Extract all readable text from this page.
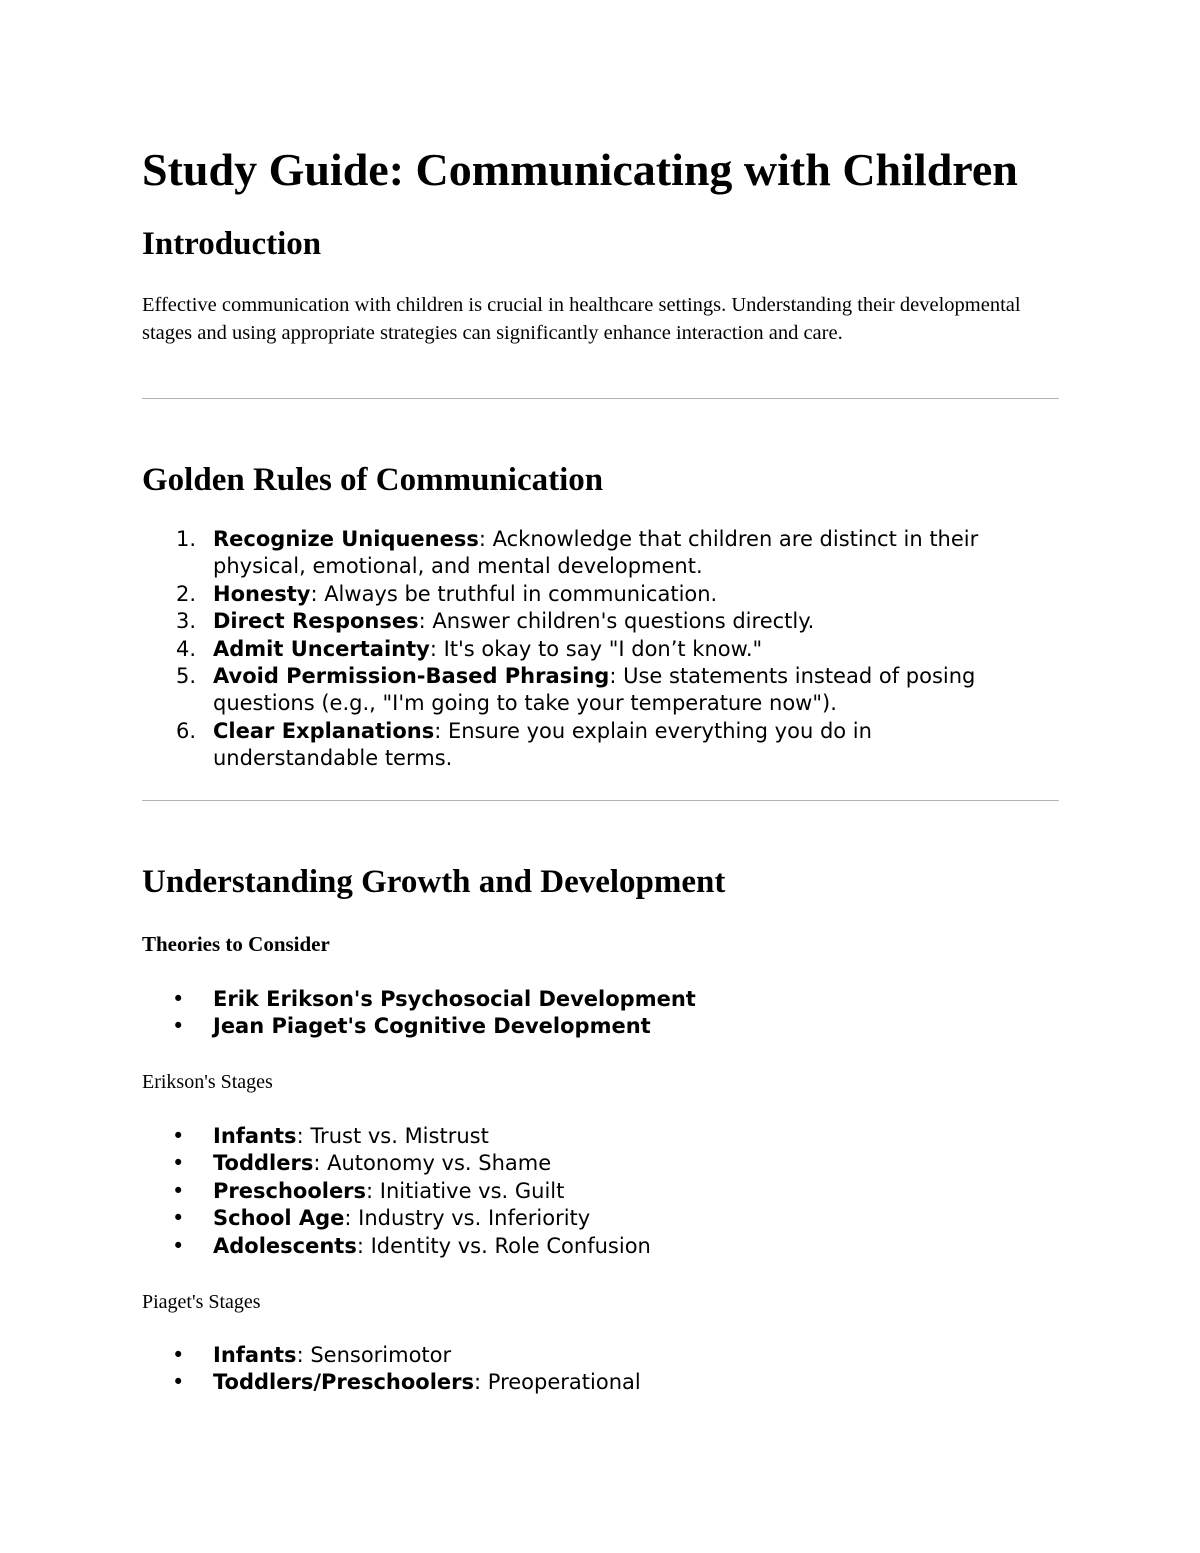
Study Guide: Communicating with Children
Introduction

Effective communication with children is crucial in healthcare settings. Understanding their developmental stages and using appropriate strategies can significantly enhance interaction and care.

Golden Rules of Communication
1. Recognize Uniqueness: Acknowledge that children are distinct in their physical, emotional, and mental development.
2. Honesty: Always be truthful in communication.
3. Direct Responses: Answer children's questions directly.
4. Admit Uncertainty: It's okay to say "I don’t know."
5. Avoid Permission-Based Phrasing: Use statements instead of posing questions (e.g., "I'm going to take your temperature now").
6. Clear Explanations: Ensure you explain everything you do in understandable terms.
Understanding Growth and Development
Theories to Consider
• Erik Erikson's Psychosocial Development
• Jean Piaget's Cognitive Development
Erikson's Stages
• Infants: Trust vs. Mistrust
• Toddlers: Autonomy vs. Shame
• Preschoolers: Initiative vs. Guilt
• School Age: Industry vs. Inferiority
• Adolescents: Identity vs. Role Confusion
Piaget's Stages
• Infants: Sensorimotor
• Toddlers/Preschoolers: Preoperational
